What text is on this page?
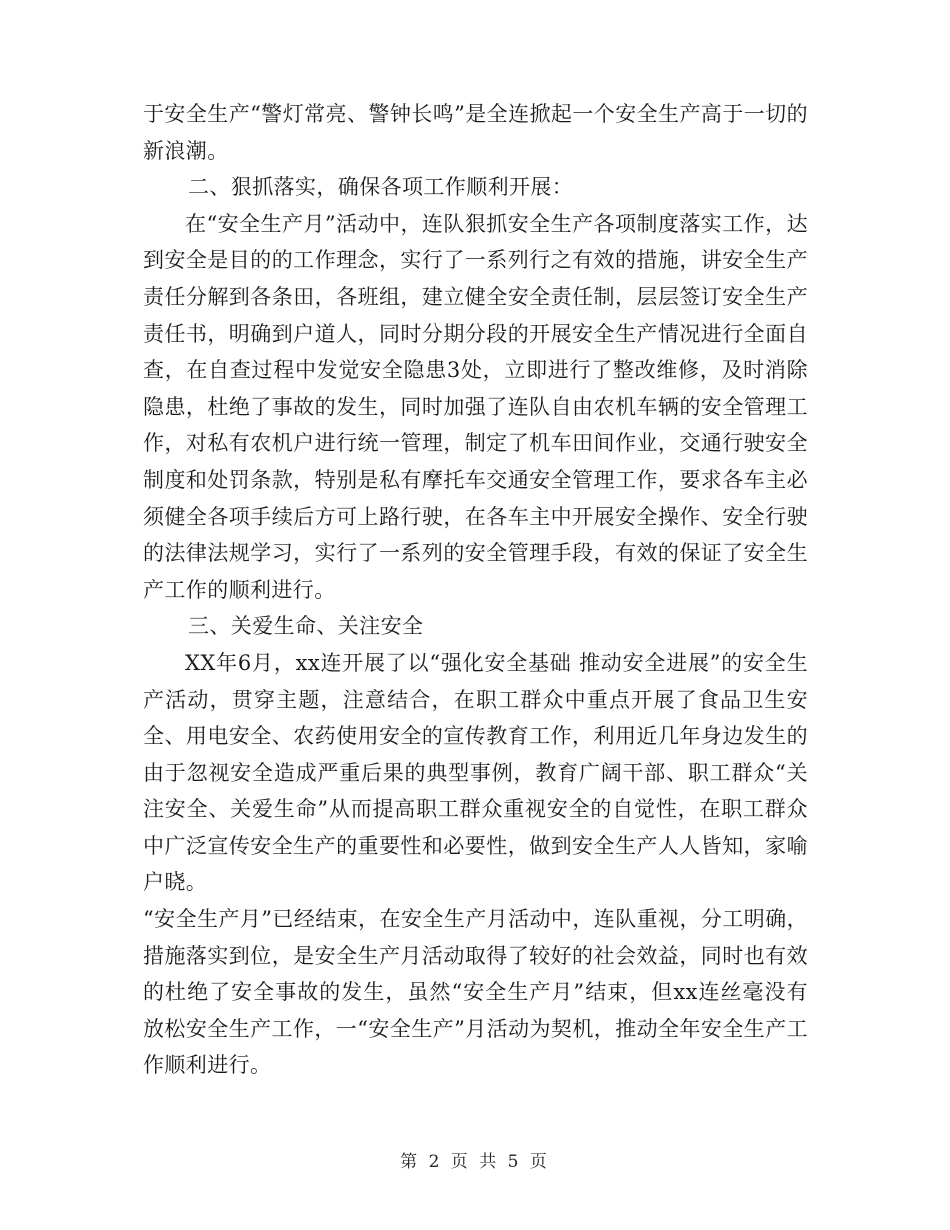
于安全生产“警灯常亮、警钟长鸣”是全连掀起一个安全生产高于一切的新浪潮。

二、狠抓落实，确保各项工作顺利开展：

在“安全生产月”活动中，连队狠抓安全生产各项制度落实工作，达到安全是目的的工作理念，实行了一系列行之有效的措施，讲安全生产责任分解到各条田，各班组，建立健全安全责任制，层层签订安全生产责任书，明确到户道人，同时分期分段的开展安全生产情况进行全面自查，在自查过程中发觉安全隐患3处，立即进行了整改维修，及时消除隐患，杜绝了事故的发生，同时加强了连队自由农机车辆的安全管理工作，对私有农机户进行统一管理，制定了机车田间作业，交通行驶安全制度和处罚条款，特别是私有摩托车交通安全管理工作，要求各车主必须健全各项手续后方可上路行驶，在各车主中开展安全操作、安全行驶的法律法规学习，实行了一系列的安全管理手段，有效的保证了安全生产工作的顺利进行。

三、关爱生命、关注安全

XX年6月，xx连开展了以“强化安全基础 推动安全进展”的安全生产活动，贯穿主题，注意结合，在职工群众中重点开展了食品卫生安全、用电安全、农药使用安全的宣传教育工作，利用近几年身边发生的由于忽视安全造成严重后果的典型事例，教育广阔干部、职工群众“关注安全、关爱生命”从而提高职工群众重视安全的自觉性，在职工群众中广泛宣传安全生产的重要性和必要性，做到安全生产人人皆知，家喻户晓。

“安全生产月”已经结束，在安全生产月活动中，连队重视，分工明确，措施落实到位，是安全生产月活动取得了较好的社会效益，同时也有效的杜绝了安全事故的发生，虽然“安全生产月”结束，但xx连丝毫没有放松安全生产工作，一“安全生产”月活动为契机，推动全年安全生产工作顺利进行。

第 2 页 共 5 页
